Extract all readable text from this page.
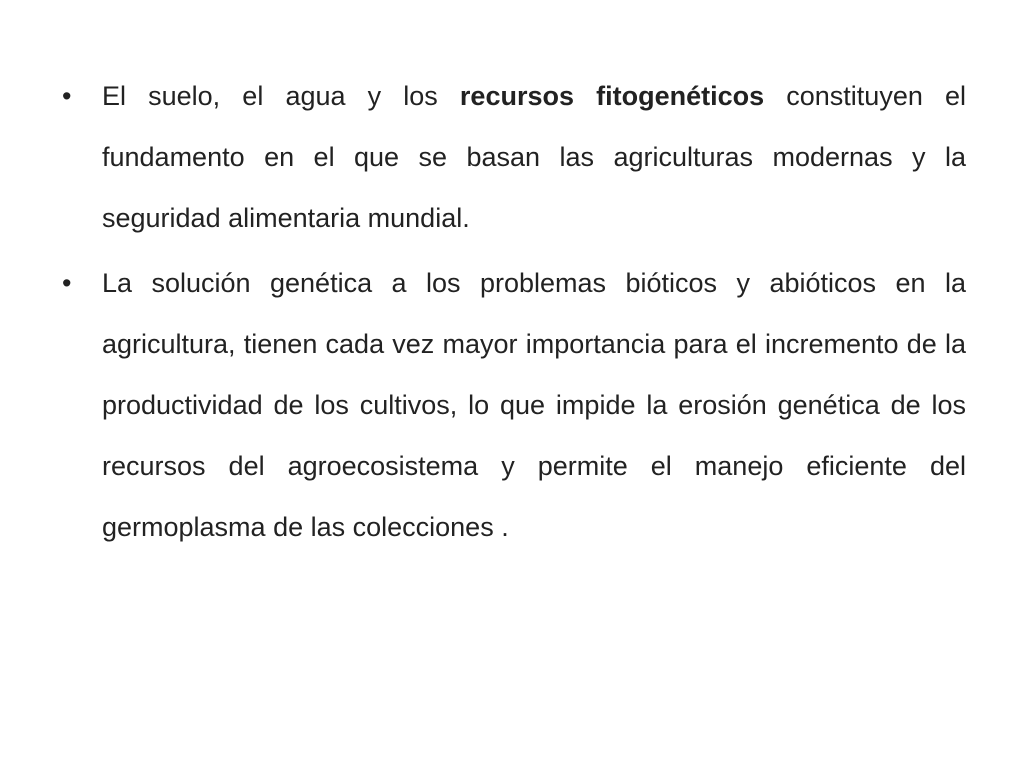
• El suelo, el agua y los recursos fitogenéticos constituyen el fundamento en el que se basan las agriculturas modernas y la seguridad alimentaria mundial.

• La solución genética a los problemas bióticos y abióticos en la agricultura, tienen cada vez mayor importancia para el incremento de la productividad de los cultivos, lo que impide la erosión genética de los recursos del agroecosistema y permite el manejo eficiente del germoplasma de las colecciones .
